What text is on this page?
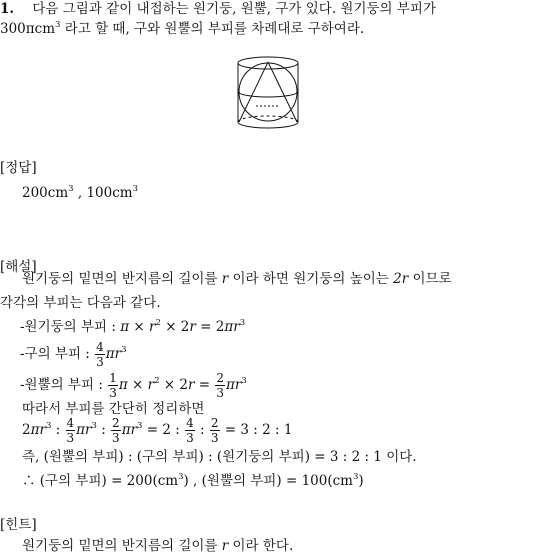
1. 다음 그림과 같이 내접하는 원기둥, 원뿔, 구가 있다. 원기둥의 부피가
300πcm$^3$ 라고 할 때, 구와 원뿔의 부피를 차례대로 구하여라.
[정답]
$200cm^3$ , $100cm^3$
[해설]
원기둥의 밑면의 반지름의 길이를 r 이라 하면 원기둥의 높이는 2r 이므로
각각의 부피는 다음과 같다.
-원기둥의 부피 : $\pi \times r^2 \times 2r = 2\pi r^3$
-구의 부피 : $\frac{4}{3} \pi r^3$
-원뿔의 부피 : $\frac{1}{3}$ $\pi \times r^2 \times 2r = \frac{2}{3} \pi r^3$
따라서 부피를 간단히 정리하면
$2\pi r^3$ : $\frac{4}{3} \pi r^3$ : $\frac{2}{3} \pi r^3 = 2$ : $\frac{4}{3}$ : $\frac{2}{3} = 3$ : 2 : 1
즉, (원뿔의 부피) : (구의 부피) : (원기둥의 부피) = 3 : 2 : 1 이다.
∴ (구의 부피) = $200(cm^3)$ , (원뿔의 부피) = $100(cm^3)$
[힌트]
원기둥의 밑면의 반지름의 길이를 r 이라 한다.
